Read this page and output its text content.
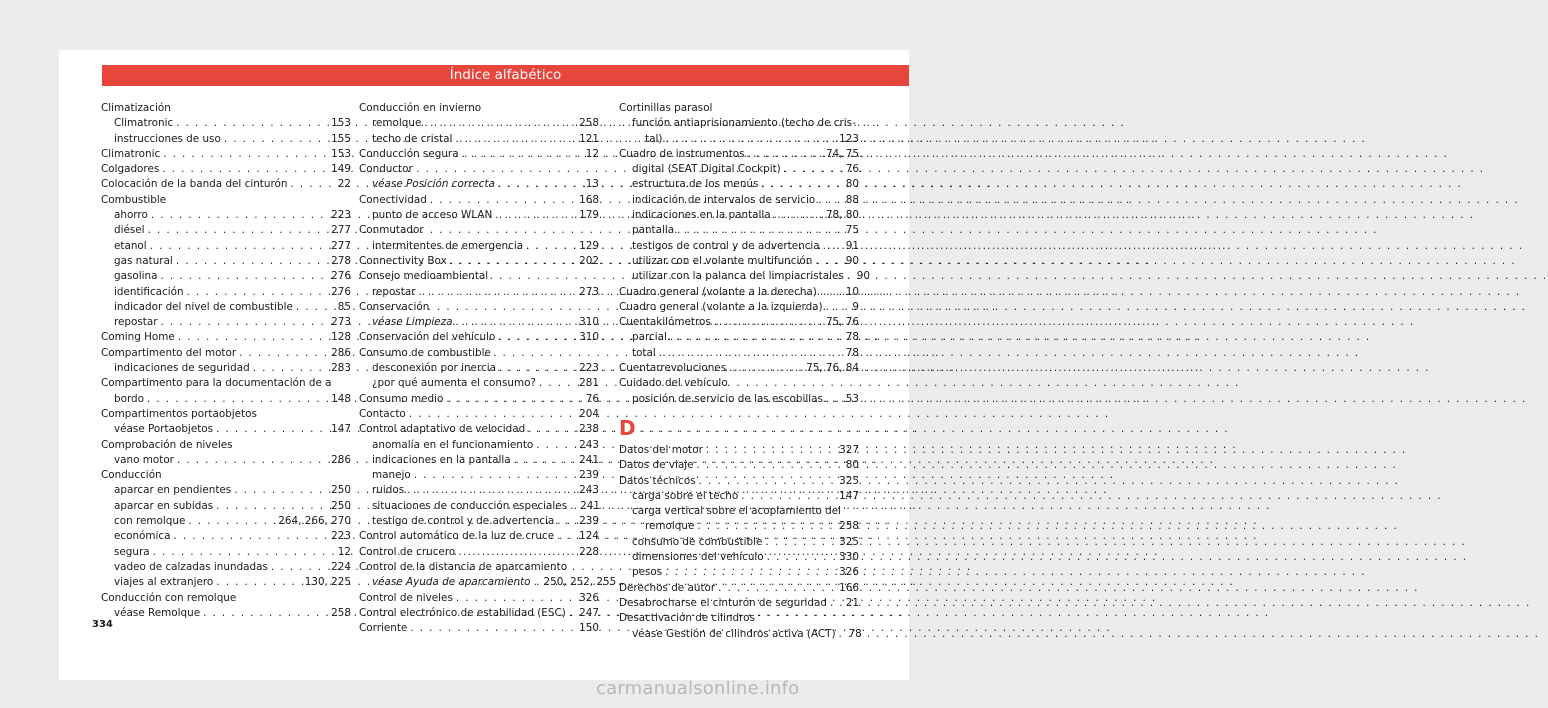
Índice alfabético
Climatización
Climatronic . . .	153
instrucciones de uso . . .	155
Climatronic . . .	153
Colgadores . . .	149
Colocación de la banda del cinturón . . .	22
Combustible
ahorro . . .	223
diésel . . .	277
etanol . . .	277
gas natural . . .	278
gasolina . . .	276
identificación . . .	276
indicador del nivel de combustible . . .	85
repostar . . .	273
Coming Home . . .	128
Compartimento del motor . . .	286
indicaciones de seguridad . . .	283
Compartimento para la documentación de a
bordo . . .	148
Compartimentos portaobjetos
véase Portaobjetos . . .	147
Comprobación de niveles
vano motor . . .	286
Conducción
aparcar en pendientes . . .	250
aparcar en subidas . . .	250
con remolque . . .	264, 266, 270
económica . . .	223
segura . . .	12
vadeo de calzadas inundadas . . .	224
viajes al extranjero . . .	130, 225
Conducción con remolque
véase Remolque . . .	258
Conducción en invierno
remolque . . .	258
techo de cristal . . .	121
Conducción segura . . .	12
Conductor
véase Posición correcta . . .	13
Conectividad . . .	168
punto de acceso WLAN . . .	179
Conmutador
intermitentes de emergencia . . .	129
Connectivity Box . . .	202
Consejo medioambiental
repostar . . .	273
Conservación
véase Limpieza . . .	310
Conservación del vehículo . . .	310
Consumo de combustible
desconexión por inercia . . .	223
¿por qué aumenta el consumo? . . .	281
Consumo medio . . .	76
Contacto . . .	204
Control adaptativo de velocidad . . .	238
anomalía en el funcionamiento . . .	243
indicaciones en la pantalla . . .	241
manejo . . .	239
ruidos . . .	243
situaciones de conducción especiales . . . 241
testigo de control y de advertencia . . . 239
Control automático de la luz de cruce . . . 124
Control de crucero . . .	228
Control de la distancia de aparcamiento
véase Ayuda de aparcamiento . . . 250, 252, 255
Control de niveles . . .	326
Control electrónico de estabilidad (ESC) . . . 247
Corriente . . .	150
Cortinillas parasol
función antiaprisionamiento (techo de cris-
tal) . . .	123
Cuadro de instrumentos . . .	74, 75
digital (SEAT Digital Cockpit) . . .	76
estructura de los menús . . .	80
indicación de intervalos de servicio . . .	88
indicaciones en la pantalla . . .	78, 80
pantalla . . .	75
testigos de control y de advertencia . . .	91
utilizar con el volante multifunción . . .	90
utilizar con la palanca del limpiacristales . . . 90
Cuadro general (volante a la derecha) . . .	10
Cuadro general (volante a la izquierda) . . .	9
Cuentakilómetros . . .	75, 76
parcial . . .	78
total . . .	78
Cuentarrevoluciones . . .	75, 76, 84
Cuidado del vehículo
posición de servicio de las escobillas . . . 53
D
Datos del motor . . .	327
Datos de viaje . . .	80
Datos técnicos . . .	325
carga sobre el techo . . .	147
carga vertical sobre el acoplamiento del
remolque . . .	258
consumo de combustible . . .	325
dimensiones del vehículo . . .	330
pesos . . .	326
Derechos de autor . . .	166
Desabrocharse el cinturón de seguridad . . . 21
Desactivación de cilindros
véase Gestión de cilindros activa (ACT) . . . 78
334
carmanualsonline.info
